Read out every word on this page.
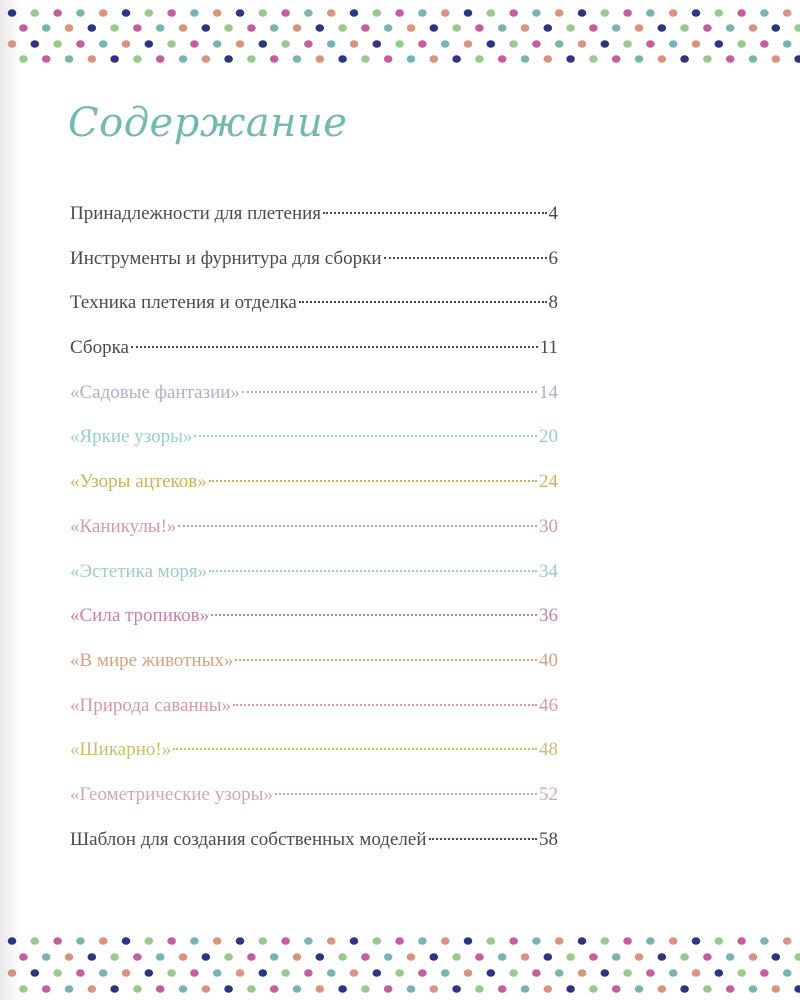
Содержание
Принадлежности для плетения	4
Инструменты и фурнитура для сборки	6
Техника плетения и отделка	8
Сборка	11
«Садовые фантазии»	14
«Яркие узоры»	20
«Узоры ацтеков»	24
«Каникулы!»	30
«Эстетика моря»	34
«Сила тропиков»	36
«В мире животных»	40
«Природа саванны»	46
«Шикарно!»	48
«Геометрические узоры»	52
Шаблон для создания собственных моделей	58
